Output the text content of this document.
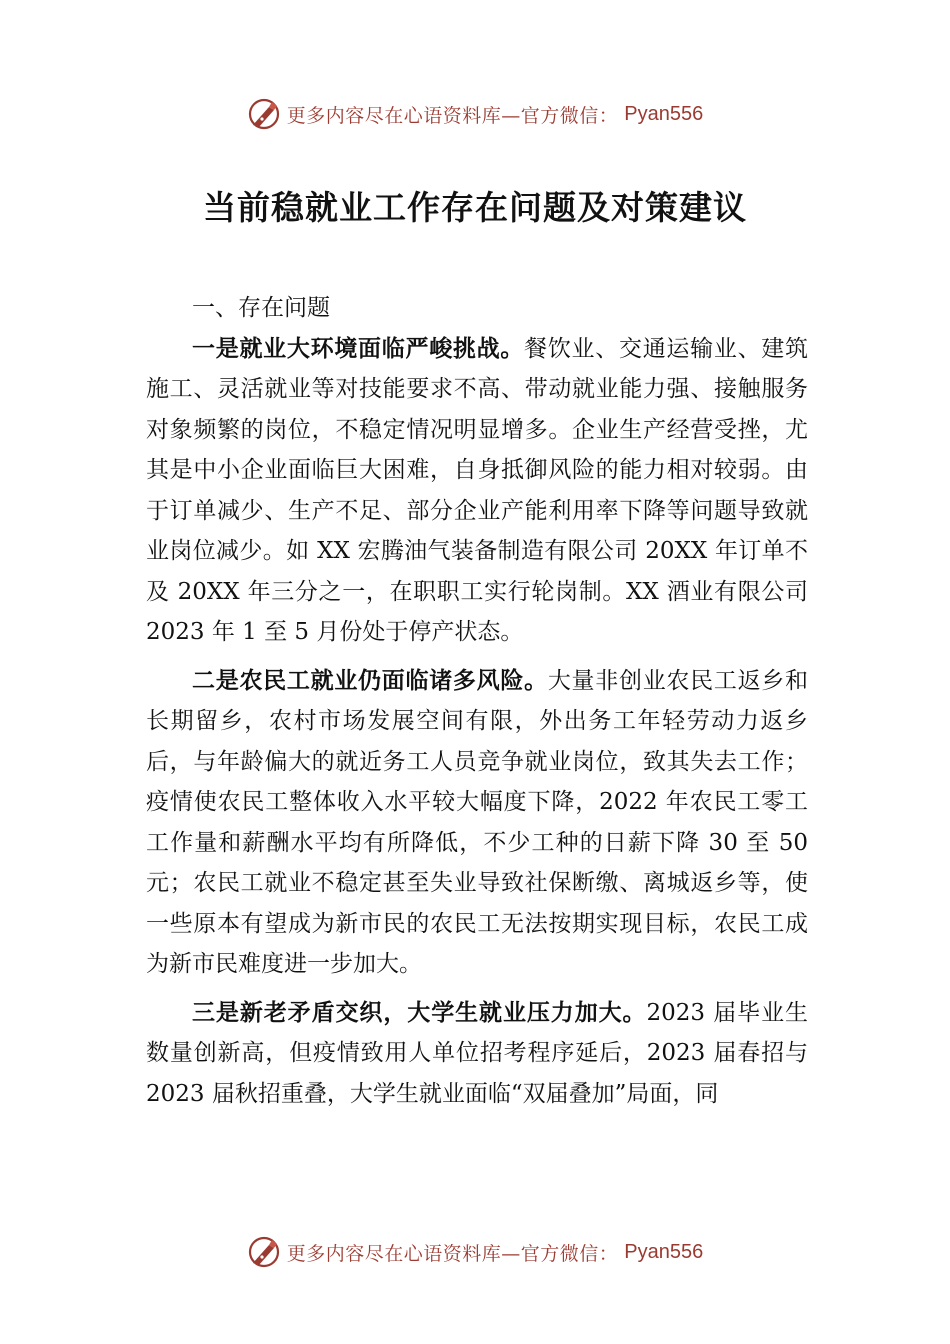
更多内容尽在心语资料库—官方微信： Pyan556
当前稳就业工作存在问题及对策建议

一、存在问题

一是就业大环境面临严峻挑战。餐饮业、交通运输业、建筑施工、灵活就业等对技能要求不高、带动就业能力强、接触服务对象频繁的岗位，不稳定情况明显增多。企业生产经营受挫，尤其是中小企业面临巨大困难，自身抵御风险的能力相对较弱。由于订单减少、生产不足、部分企业产能利用率下降等问题导致就业岗位减少。如 XX 宏腾油气装备制造有限公司 20XX 年订单不及 20XX 年三分之一，在职职工实行轮岗制。XX 酒业有限公司 2023 年 1 至 5 月份处于停产状态。

二是农民工就业仍面临诸多风险。大量非创业农民工返乡和长期留乡，农村市场发展空间有限，外出务工年轻劳动力返乡后，与年龄偏大的就近务工人员竞争就业岗位，致其失去工作；疫情使农民工整体收入水平较大幅度下降，2022 年农民工零工工作量和薪酬水平均有所降低，不少工种的日薪下降 30 至 50 元；农民工就业不稳定甚至失业导致社保断缴、离城返乡等，使一些原本有望成为新市民的农民工无法按期实现目标，农民工成为新市民难度进一步加大。

三是新老矛盾交织，大学生就业压力加大。2023 届毕业生数量创新高，但疫情致用人单位招考程序延后，2023 届春招与 2023 届秋招重叠，大学生就业面临“双届叠加”局面，同

更多内容尽在心语资料库—官方微信： Pyan556
